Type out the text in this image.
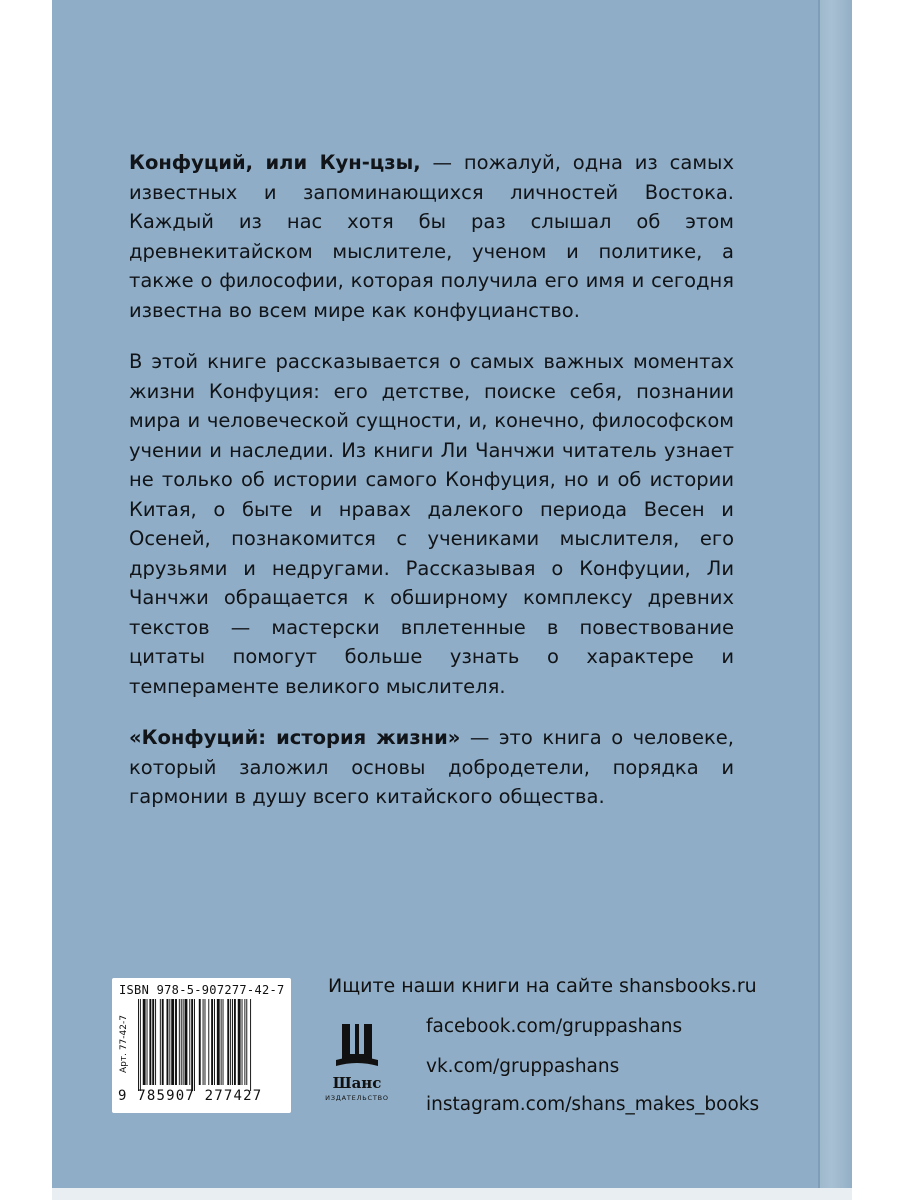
Конфуций, или Кун-цзы, — пожалуй, одна из самых известных и запоминающихся личностей Востока. Каждый из нас хотя бы раз слышал об этом древнекитайском мыслителе, ученом и политике, а также о философии, которая получила его имя и сегодня известна во всем мире как конфуцианство.

В этой книге рассказывается о самых важных моментах жизни Конфуция: его детстве, поиске себя, познании мира и человеческой сущности, и, конечно, философском учении и наследии. Из книги Ли Чанчжи читатель узнает не только об истории самого Конфуция, но и об истории Китая, о быте и нравах далекого периода Весен и Осеней, познакомится с учениками мыслителя, его друзьями и недругами. Рассказывая о Конфуции, Ли Чанчжи обращается к обширному комплексу древних текстов — мастерски вплетенные в повествование цитаты помогут больше узнать о характере и темпераменте великого мыслителя.

«Конфуций: история жизни» — это книга о человеке, который заложил основы добродетели, порядка и гармонии в душу всего китайского общества.

ISBN 978-5-907277-42-7
Арт. 77-42-7
9 785907 277427
Шанс
ИЗДАТЕЛЬСТВО
Ищите наши книги на сайте shansbooks.ru
facebook.com/gruppashans
vk.com/gruppashans
instagram.com/shans_makes_books
